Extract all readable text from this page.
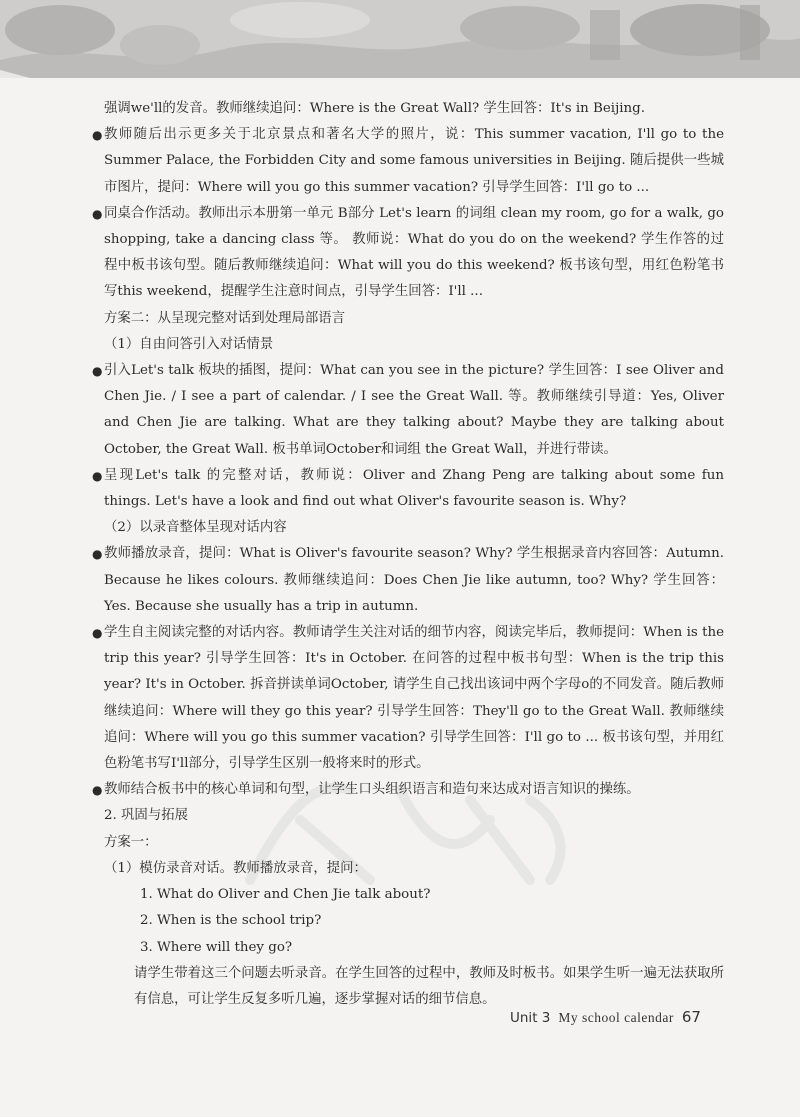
强调we'll的发音。教师继续追问：Where is the Great Wall? 学生回答：It's in Beijing.

● 教师随后出示更多关于北京景点和著名大学的照片，说：This summer vacation, I'll go to the Summer Palace, the Forbidden City and some famous universities in Beijing. 随后提供一些城市图片，提问：Where will you go this summer vacation? 引导学生回答：I'll go to ...

● 同桌合作活动。教师出示本册第一单元 B部分 Let's learn 的词组 clean my room, go for a walk, go shopping, take a dancing class 等。 教师说：What do you do on the weekend? 学生作答的过程中板书该句型。随后教师继续追问：What will you do this weekend? 板书该句型，用红色粉笔书写this weekend，提醒学生注意时间点，引导学生回答：I'll ...

方案二：从呈现完整对话到处理局部语言

（1）自由问答引入对话情景

● 引入Let's talk 板块的插图，提问：What can you see in the picture? 学生回答：I see Oliver and Chen Jie. / I see a part of calendar. / I see the Great Wall. 等。教师继续引导道：Yes, Oliver and Chen Jie are talking. What are they talking about? Maybe they are talking about October, the Great Wall. 板书单词October和词组 the Great Wall，并进行带读。

● 呈现Let's talk 的完整对话，教师说：Oliver and Zhang Peng are talking about some fun things. Let's have a look and find out what Oliver's favourite season is. Why?

（2）以录音整体呈现对话内容

● 教师播放录音，提问：What is Oliver's favourite season? Why? 学生根据录音内容回答：Autumn. Because he likes colours. 教师继续追问：Does Chen Jie like autumn, too? Why? 学生回答：Yes. Because she usually has a trip in autumn.

● 学生自主阅读完整的对话内容。教师请学生关注对话的细节内容，阅读完毕后，教师提问：When is the trip this year? 引导学生回答：It's in October. 在问答的过程中板书句型：When is the trip this year? It's in October. 拆音拼读单词October, 请学生自己找出该词中两个字母o的不同发音。随后教师继续追问：Where will they go this year? 引导学生回答：They'll go to the Great Wall. 教师继续追问：Where will you go this summer vacation? 引导学生回答：I'll go to ... 板书该句型，并用红色粉笔书写I'll部分，引导学生区别一般将来时的形式。

● 教师结合板书中的核心单词和句型，让学生口头组织语言和造句来达成对语言知识的操练。

2. 巩固与拓展

方案一：

（1）模仿录音对话。教师播放录音，提问：

1. What do Oliver and Chen Jie talk about?

2. When is the school trip?

3. Where will they go?

请学生带着这三个问题去听录音。在学生回答的过程中，教师及时板书。如果学生听一遍无法获取所有信息，可让学生反复多听几遍，逐步掌握对话的细节信息。

Unit 3 My school calendar 67
